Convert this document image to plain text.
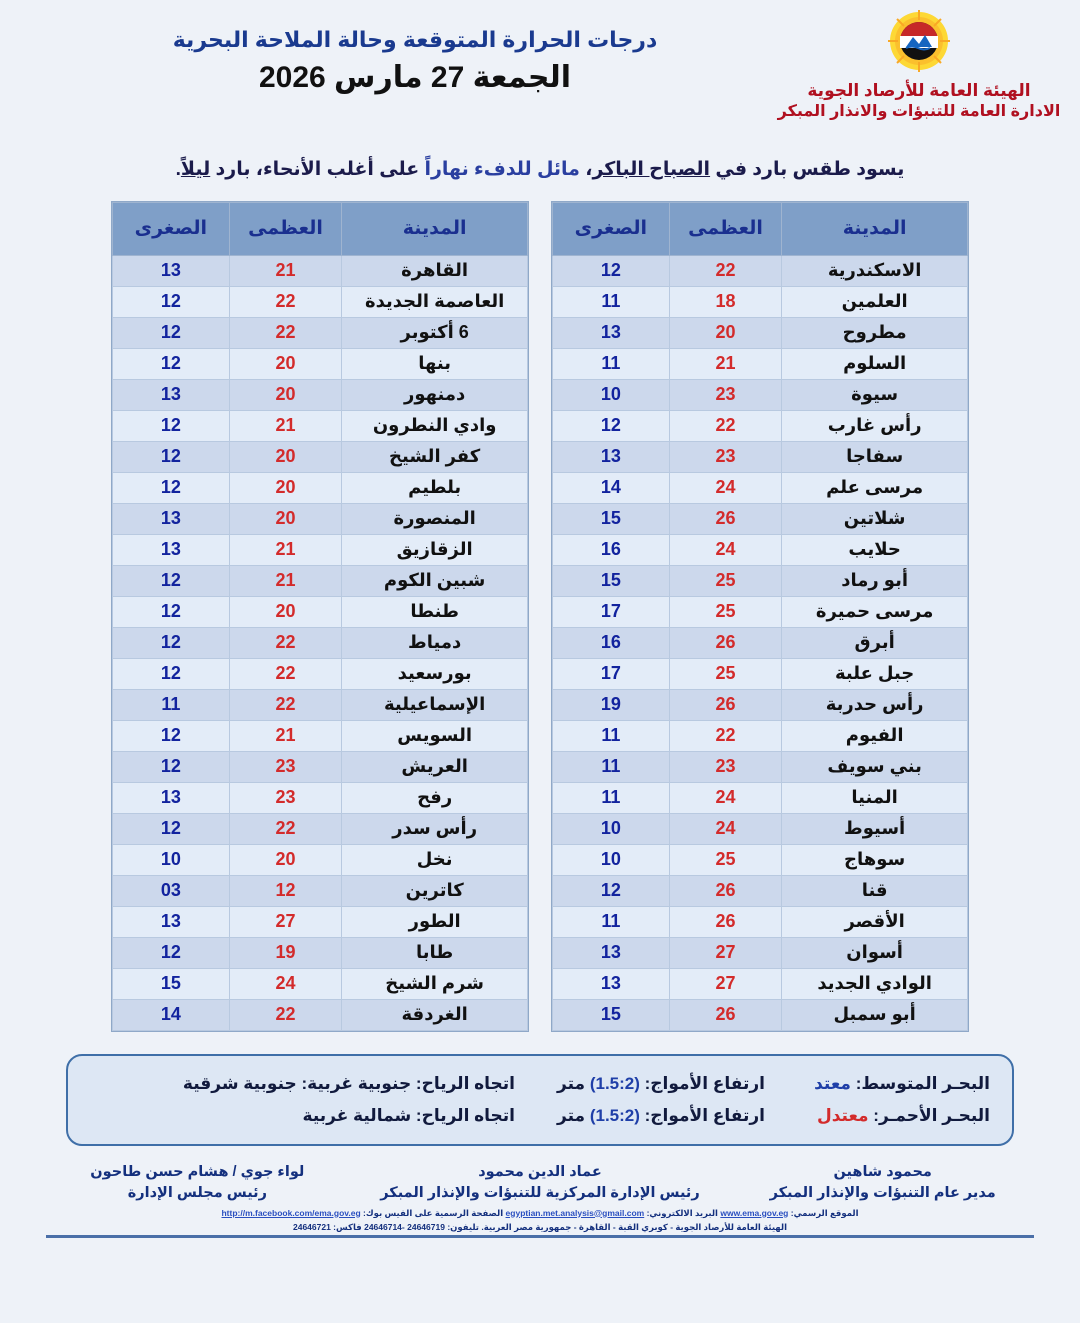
درجات الحرارة المتوقعة وحالة الملاحة البحرية
الجمعة 27 مارس 2026	الهيئة العامة للأرصاد الجوية
الادارة العامة للتنبؤات والانذار المبكر
يسود طقس بارد في الصباح الباكر، مائل للدفء نهاراً على أغلب الأنحاء، بارد ليلاً.
المدينة	العظمى	الصغرى
القاهرة	21	13
العاصمة الجديدة	22	12
6 أكتوبر	22	12
بنها	20	12
دمنهور	20	13
وادي النطرون	21	12
كفر الشيخ	20	12
بلطيم	20	12
المنصورة	20	13
الزقازيق	21	13
شبين الكوم	21	12
طنطا	20	12
دمياط	22	12
بورسعيد	22	12
الإسماعيلية	22	11
السويس	21	12
العريش	23	12
رفح	23	13
رأس سدر	22	12
نخل	20	10
كاترين	12	03
الطور	27	13
طابا	19	12
شرم الشيخ	24	15
الغردقة	22	14
المدينة	العظمى	الصغرى
الاسكندرية	22	12
العلمين	18	11
مطروح	20	13
السلوم	21	11
سيوة	23	10
رأس غارب	22	12
سفاجا	23	13
مرسى علم	24	14
شلاتين	26	15
حلايب	24	16
أبو رماد	25	15
مرسى حميرة	25	17
أبرق	26	16
جبل علبة	25	17
رأس حدربة	26	19
الفيوم	22	11
بني سويف	23	11
المنيا	24	11
أسيوط	24	10
سوهاج	25	10
قنا	26	12
الأقصر	26	11
أسوان	27	13
الوادي الجديد	27	13
أبو سمبل	26	15
البحـر المتوسط: معتد
ارتفاع الأمواج: (1.5:2) متر
اتجاه الرياح: جنوبية غربية: جنوبية شرقية
البحـر الأحمـر: معتدل
ارتفاع الأمواج: (1.5:2) متر
اتجاه الرياح: شمالية غربية
محمود شاهين
مدير عام التنبؤات والإنذار المبكر
عماد الدين محمود
رئيس الإدارة المركزية للتنبؤات والإنذار المبكر
لواء جوي / هشام حسن طاحون
رئيس مجلس الإدارة
الموقع الرسمي: www.ema.gov.eg البريد الالكتروني: egyptian.met.analysis@gmail.com الصفحة الرسمية على الفيس بوك: http://m.facebook.com/ema.gov.eg
الهيئة العامة للأرصاد الجوية - كوبري القبة - القاهرة - جمهورية مصر العربية. تليفون: 24646719 -24646714 فاكس: 24646721
